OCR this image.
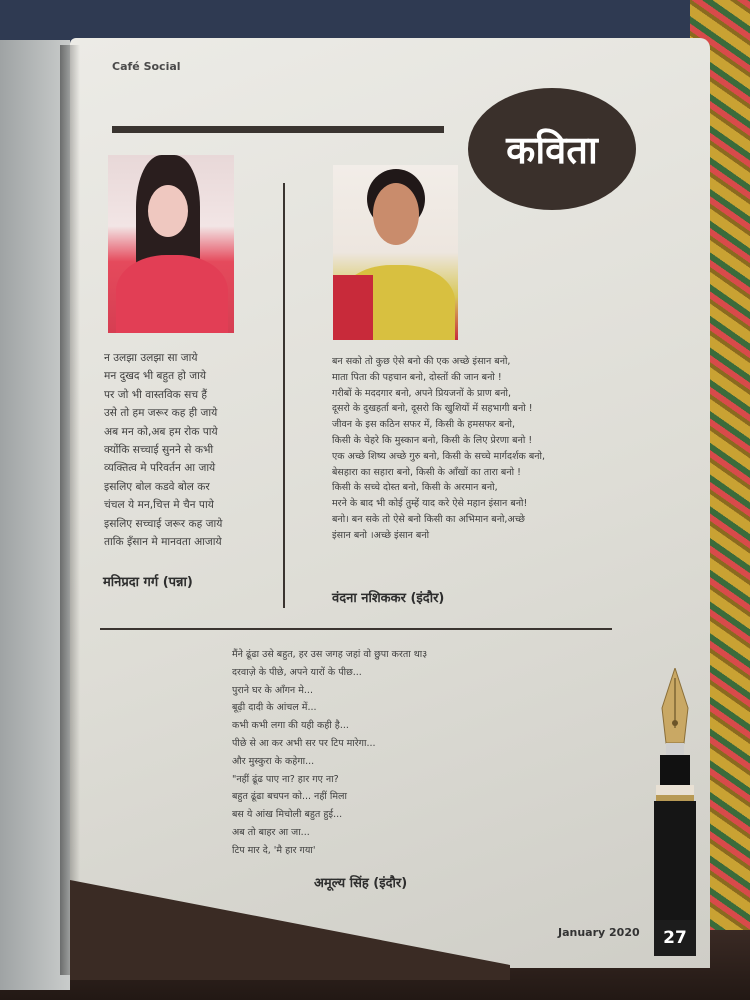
Café Social
कविता
न उलझा उलझा सा जाये
मन दुखद भी बहुत हो जाये
पर जो भी वास्तविक सच हैं
उसे तो हम जरूर कह ही जाये
अब मन को,अब हम रोक पाये
क्योंकि सच्चाई सुनने से कभी
व्यक्तित्व मे परिवर्तन आ जाये
इसलिए बोल कडवे बोल कर
चंचल ये मन,चित्त मे चैन पाये
इसलिए सच्चाई जरूर कह जाये
ताकि इँसान मे मानवता आजाये
मनिप्रदा गर्ग (पन्ना)
बन सको तो कुछ ऐसे बनो की एक अच्छे इंसान बनो,
माता पिता की पहचान बनो, दोस्तों की जान बनो !
गरीबों के मददगार बनो, अपने प्रियजनों के प्राण बनो,
दूसरो के दुखहर्ता बनो, दूसरो कि खुशियों में सहभागी बनो !
जीवन के इस कठिन सफर में, किसी के हमसफर बनो,
किसी के चेहरे कि मुस्कान बनो, किसी के लिए प्रेरणा बनो !
एक अच्छे शिष्य अच्छे गुरु बनो, किसी के सच्चे मार्गदर्शक बनो,
बेसहारा का सहारा बनो, किसी के आँखों का तारा बनो !
किसी के सच्चे दोस्त बनो, किसी के अरमान बनो,
मरने के बाद भी कोई तुम्हें याद करे ऐसे महान इंसान बनो!
बनो। बन सके तो ऐसे बनो किसी का अभिमान बनो,अच्छे
इंसान बनो ।अच्छे इंसान बनो
वंदना नशिककर (इंदौर)
मैंने ढूंढा उसे बहुत, हर उस जगह जहां वो छुपा करता था३
दरवाज़े के पीछे, अपने यारों के पीछ...
पुराने घर के आँगन मे...
बूढ़ी दादी के आंचल में...
कभी कभी लगा की यही कही है...
पीछे से आ कर अभी सर पर टिप मारेगा...
और मुस्कुरा के कहेगा...
"नहीं ढूंढ पाए ना? हार गए ना?
बहुत ढूंढा बचपन को... नहीं मिला
बस ये आंख मिचोली बहुत हुई...
अब तो बाहर आ जा...
टिप मार दे, 'मै हार गया'
अमूल्य सिंह (इंदौर)
January 2020	27
